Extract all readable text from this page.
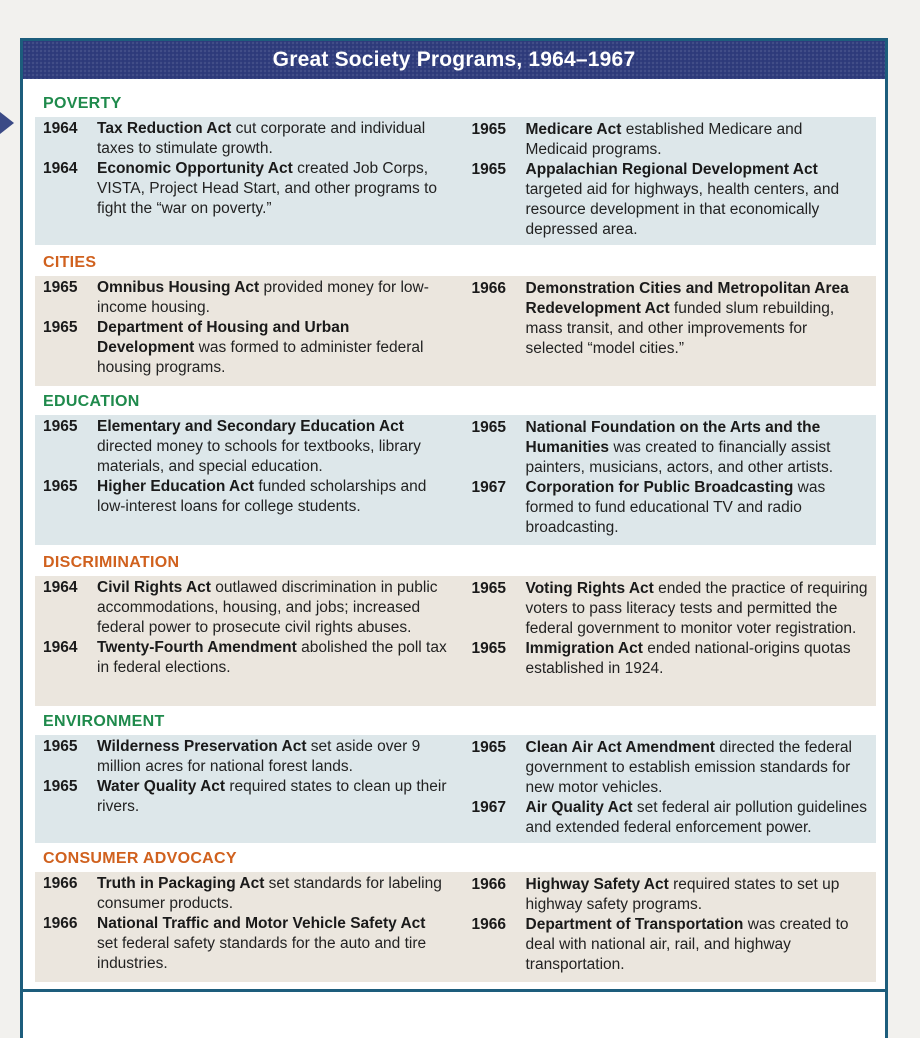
Great Society Programs, 1964–1967
POVERTY
1964	Tax Reduction Act cut corporate and individual taxes to stimulate growth.
1964	Economic Opportunity Act created Job Corps, VISTA, Project Head Start, and other programs to fight the “war on poverty.”
1965	Medicare Act established Medicare and Medicaid programs.
1965	Appalachian Regional Development Act targeted aid for highways, health centers, and resource development in that economically depressed area.
CITIES
1965	Omnibus Housing Act provided money for low-income housing.
1965	Department of Housing and Urban Development was formed to administer federal housing programs.
1966	Demonstration Cities and Metropolitan Area Redevelopment Act funded slum rebuilding, mass transit, and other improvements for selected “model cities.”
EDUCATION
1965	Elementary and Secondary Education Act directed money to schools for textbooks, library materials, and special education.
1965	Higher Education Act funded scholarships and low-interest loans for college students.
1965	National Foundation on the Arts and the Humanities was created to financially assist painters, musicians, actors, and other artists.
1967	Corporation for Public Broadcasting was formed to fund educational TV and radio broadcasting.
DISCRIMINATION
1964	Civil Rights Act outlawed discrimination in public accommodations, housing, and jobs; increased federal power to prosecute civil rights abuses.
1964	Twenty-Fourth Amendment abolished the poll tax in federal elections.
1965	Voting Rights Act ended the practice of requiring voters to pass literacy tests and permitted the federal government to monitor voter registration.
1965	Immigration Act ended national-origins quotas established in 1924.
ENVIRONMENT
1965	Wilderness Preservation Act set aside over 9 million acres for national forest lands.
1965	Water Quality Act required states to clean up their rivers.
1965	Clean Air Act Amendment directed the federal government to establish emission standards for new motor vehicles.
1967	Air Quality Act set federal air pollution guidelines and extended federal enforcement power.
CONSUMER ADVOCACY
1966	Truth in Packaging Act set standards for labeling consumer products.
1966	National Traffic and Motor Vehicle Safety Act set federal safety standards for the auto and tire industries.
1966	Highway Safety Act required states to set up highway safety programs.
1966	Department of Transportation was created to deal with national air, rail, and highway transportation.
